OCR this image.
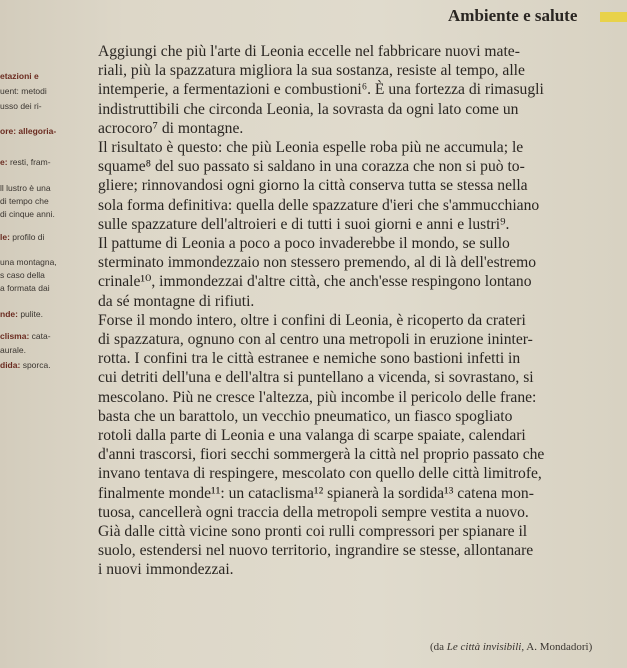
Ambiente e salute
etazioni e
uent: metodi
usso dei ri-
ore: allegoria-
e: resti, fram-
ll lustro è una
di tempo che
di cinque anni.
le: profilo di
una montagna,
s caso della
a formata dai
nde: pulite.
clisma: cata-
aurale.
dida: sporca.

Aggiungi che più l'arte di Leonia eccelle nel fabbricare nuovi mate-
riali, più la spazzatura migliora la sua sostanza, resiste al tempo, alle
intemperie, a fermentazioni e combustioni⁶. È una fortezza di rimasugli
indistruttibili che circonda Leonia, la sovrasta da ogni lato come un
acrocoro⁷ di montagne.

Il risultato è questo: che più Leonia espelle roba più ne accumula; le
squame⁸ del suo passato si saldano in una corazza che non si può to-
gliere; rinnovandosi ogni giorno la città conserva tutta se stessa nella
sola forma definitiva: quella delle spazzature d'ieri che s'ammucchiano
sulle spazzature dell'altroieri e di tutti i suoi giorni e anni e lustri⁹.
Il pattume di Leonia a poco a poco invaderebbe il mondo, se sullo
sterminato immondezzaio non stessero premendo, al di là dell'estremo
crinale¹⁰, immondezzai d'altre città, che anch'esse respingono lontano
da sé montagne di rifiuti.

Forse il mondo intero, oltre i confini di Leonia, è ricoperto da crateri
di spazzatura, ognuno con al centro una metropoli in eruzione ininter-
rotta. I confini tra le città estranee e nemiche sono bastioni infetti in
cui detriti dell'una e dell'altra si puntellano a vicenda, si sovrastano, si
mescolano. Più ne cresce l'altezza, più incombe il pericolo delle frane:
basta che un barattolo, un vecchio pneumatico, un fiasco spogliato
rotoli dalla parte di Leonia e una valanga di scarpe spaiate, calendari
d'anni trascorsi, fiori secchi sommergerà la città nel proprio passato che
invano tentava di respingere, mescolato con quello delle città limitrofe,
finalmente monde¹¹: un cataclisma¹² spianerà la sordida¹³ catena mon-
tuosa, cancellerà ogni traccia della metropoli sempre vestita a nuovo.
Già dalle città vicine sono pronti coi rulli compressori per spianare il
suolo, estendersi nel nuovo territorio, ingrandire se stesse, allontanare
i nuovi immondezzai.

(da Le città invisibili, A. Mondadori)
